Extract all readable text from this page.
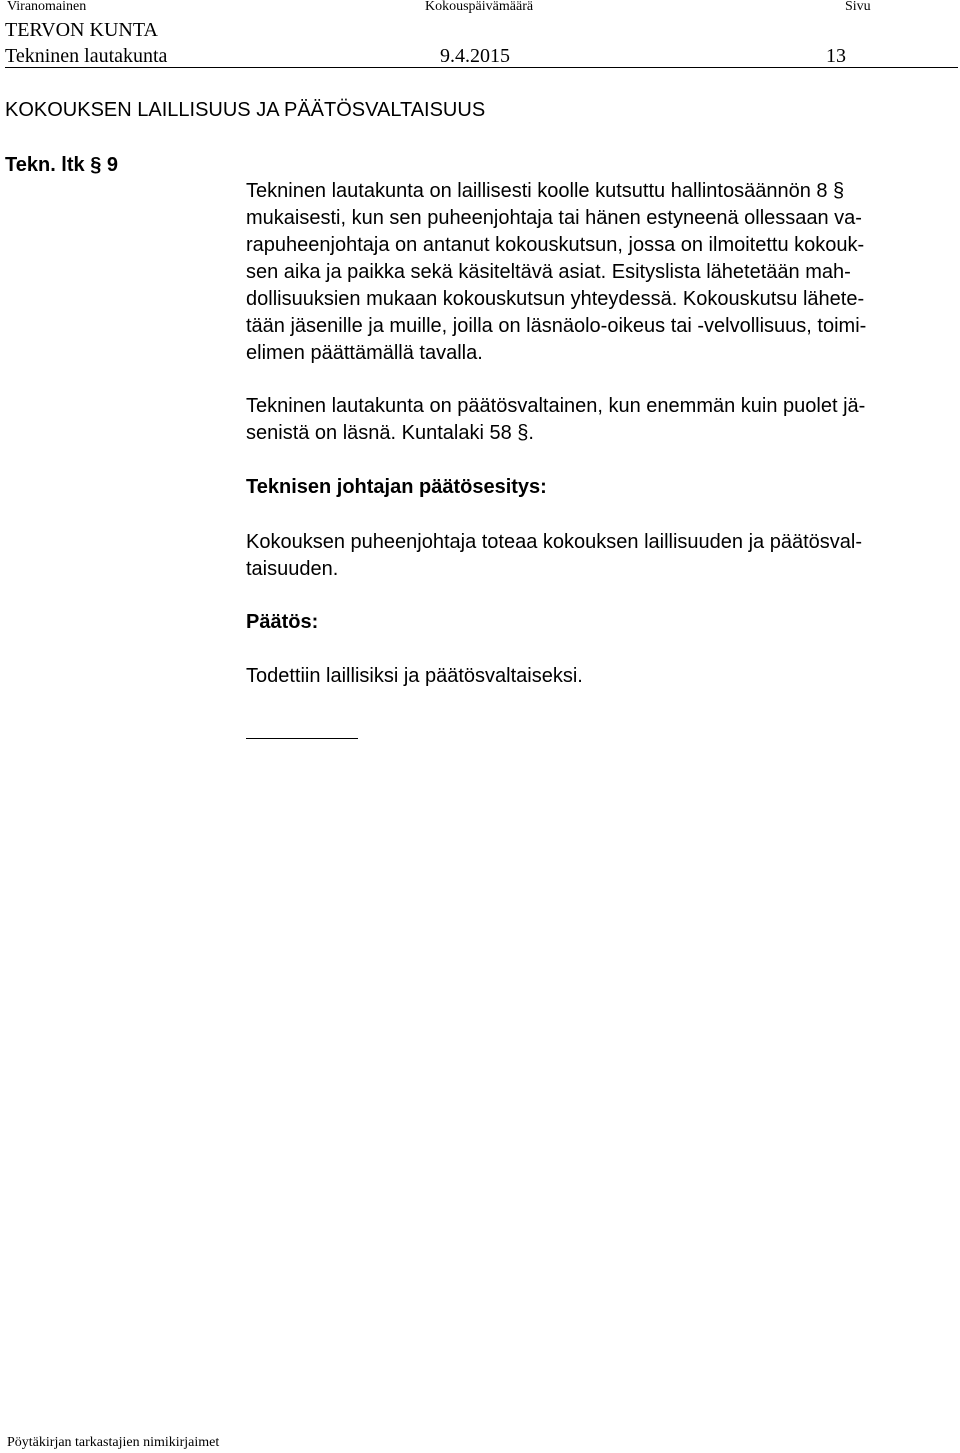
Viranomainen	Kokouspäivämäärä	Sivu
TERVON KUNTA
Tekninen lautakunta	9.4.2015	13
KOKOUKSEN LAILLISUUS JA PÄÄTÖSVALTAISUUS
Tekn. ltk § 9
Tekninen lautakunta on laillisesti koolle kutsuttu hallintosäännön 8 §
mukaisesti, kun sen puheenjohtaja tai hänen estyneenä ollessaan va-
rapuheenjohtaja on antanut kokouskutsun, jossa on ilmoitettu kokouk-
sen aika ja paikka sekä käsiteltävä asiat. Esityslista lähetetään mah-
dollisuuksien mukaan kokouskutsun yhteydessä. Kokouskutsu lähete-
tään jäsenille ja muille, joilla on läsnäolo-oikeus tai -velvollisuus, toimi-
elimen päättämällä tavalla.
Tekninen lautakunta on päätösvaltainen, kun enemmän kuin puolet jä-
senistä on läsnä. Kuntalaki 58 §.
Teknisen johtajan päätösesitys:
Kokouksen puheenjohtaja toteaa kokouksen laillisuuden ja päätösval-
taisuuden.
Päätös:
Todettiin laillisiksi ja päätösvaltaiseksi.
Pöytäkirjan tarkastajien nimikirjaimet
